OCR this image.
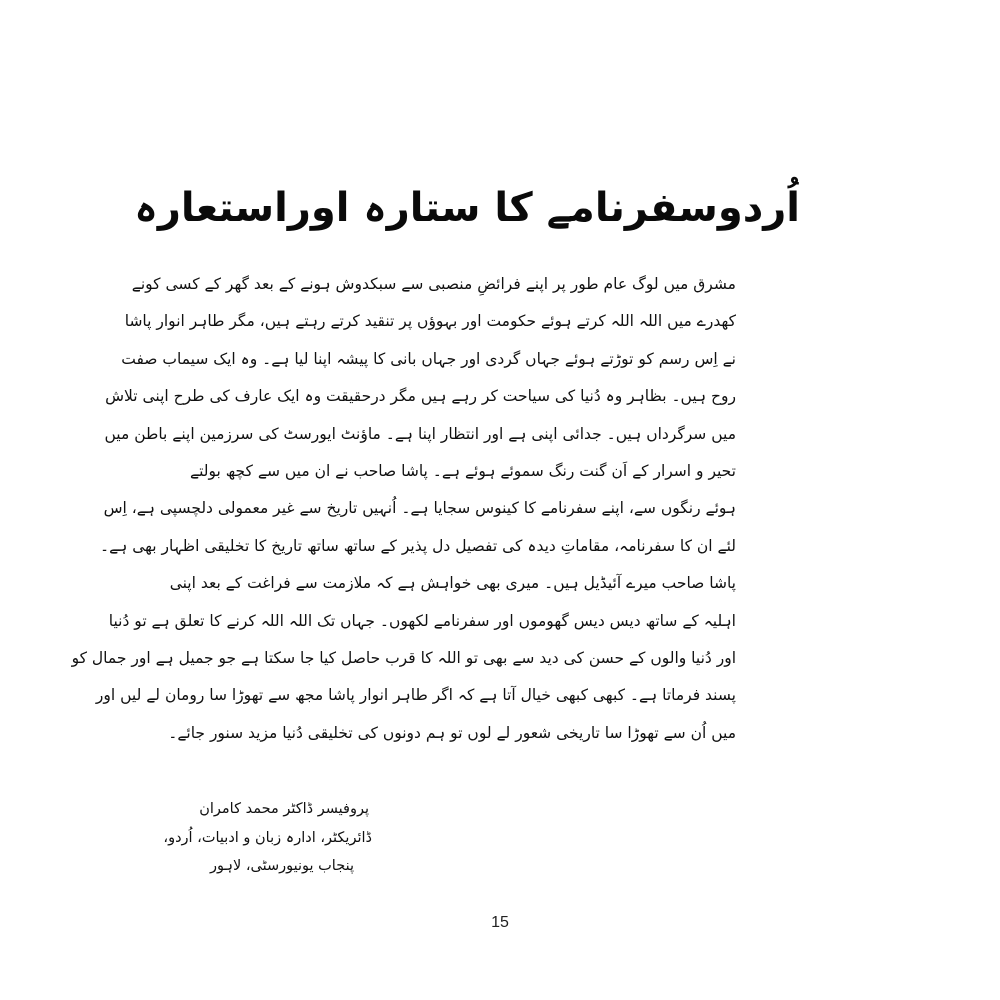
اُردوسفرنامے کا ستارہ اوراستعارہ
مشرق میں لوگ عام طور پر اپنے فرائضِ منصبی سے سبکدوش ہونے کے بعد گھر کے کسی کونے
کھدرے میں اللہ اللہ کرتے ہوئے حکومت اور بہوؤں پر تنقید کرتے رہتے ہیں، مگر طاہر انوار پاشا
نے اِس رسم کو توڑتے ہوئے جہاں گردی اور جہاں بانی کا پیشہ اپنا لیا ہے۔ وہ ایک سیماب صفت
روح ہیں۔ بظاہر وہ دُنیا کی سیاحت کر رہے ہیں مگر درحقیقت وہ ایک عارف کی طرح اپنی تلاش
میں سرگرداں ہیں۔ جدائی اپنی ہے اور انتظار اپنا ہے۔ ماؤنٹ ایورسٹ کی سرزمین اپنے باطن میں
تحیر و اسرار کے اَن گنت رنگ سموئے ہوئے ہے۔ پاشا صاحب نے ان میں سے کچھ بولتے
ہوئے رنگوں سے، اپنے سفرنامے کا کینوس سجایا ہے۔ اُنہیں تاریخ سے غیر معمولی دلچسپی ہے، اِس
لئے ان کا سفرنامہ، مقاماتِ دیدہ کی تفصیل دل پذیر کے ساتھ ساتھ تاریخ کا تخلیقی اظہار بھی ہے۔
پاشا صاحب میرے آئیڈیل ہیں۔ میری بھی خواہش ہے کہ ملازمت سے فراغت کے بعد اپنی
اہلیہ کے ساتھ دیس دیس گھوموں اور سفرنامے لکھوں۔ جہاں تک اللہ اللہ کرنے کا تعلق ہے تو دُنیا
اور دُنیا والوں کے حسن کی دید سے بھی تو اللہ کا قرب حاصل کیا جا سکتا ہے جو جمیل ہے اور جمال کو
پسند فرماتا ہے۔ کبھی کبھی خیال آتا ہے کہ اگر طاہر انوار پاشا مجھ سے تھوڑا سا رومان لے لیں اور
میں اُن سے تھوڑا سا تاریخی شعور لے لوں تو ہم دونوں کی تخلیقی دُنیا مزید سنور جائے۔
پروفیسر ڈاکٹر محمد کامران
ڈائریکٹر، ادارہ زبان و ادبیات، اُردو،
پنجاب یونیورسٹی، لاہور
15
